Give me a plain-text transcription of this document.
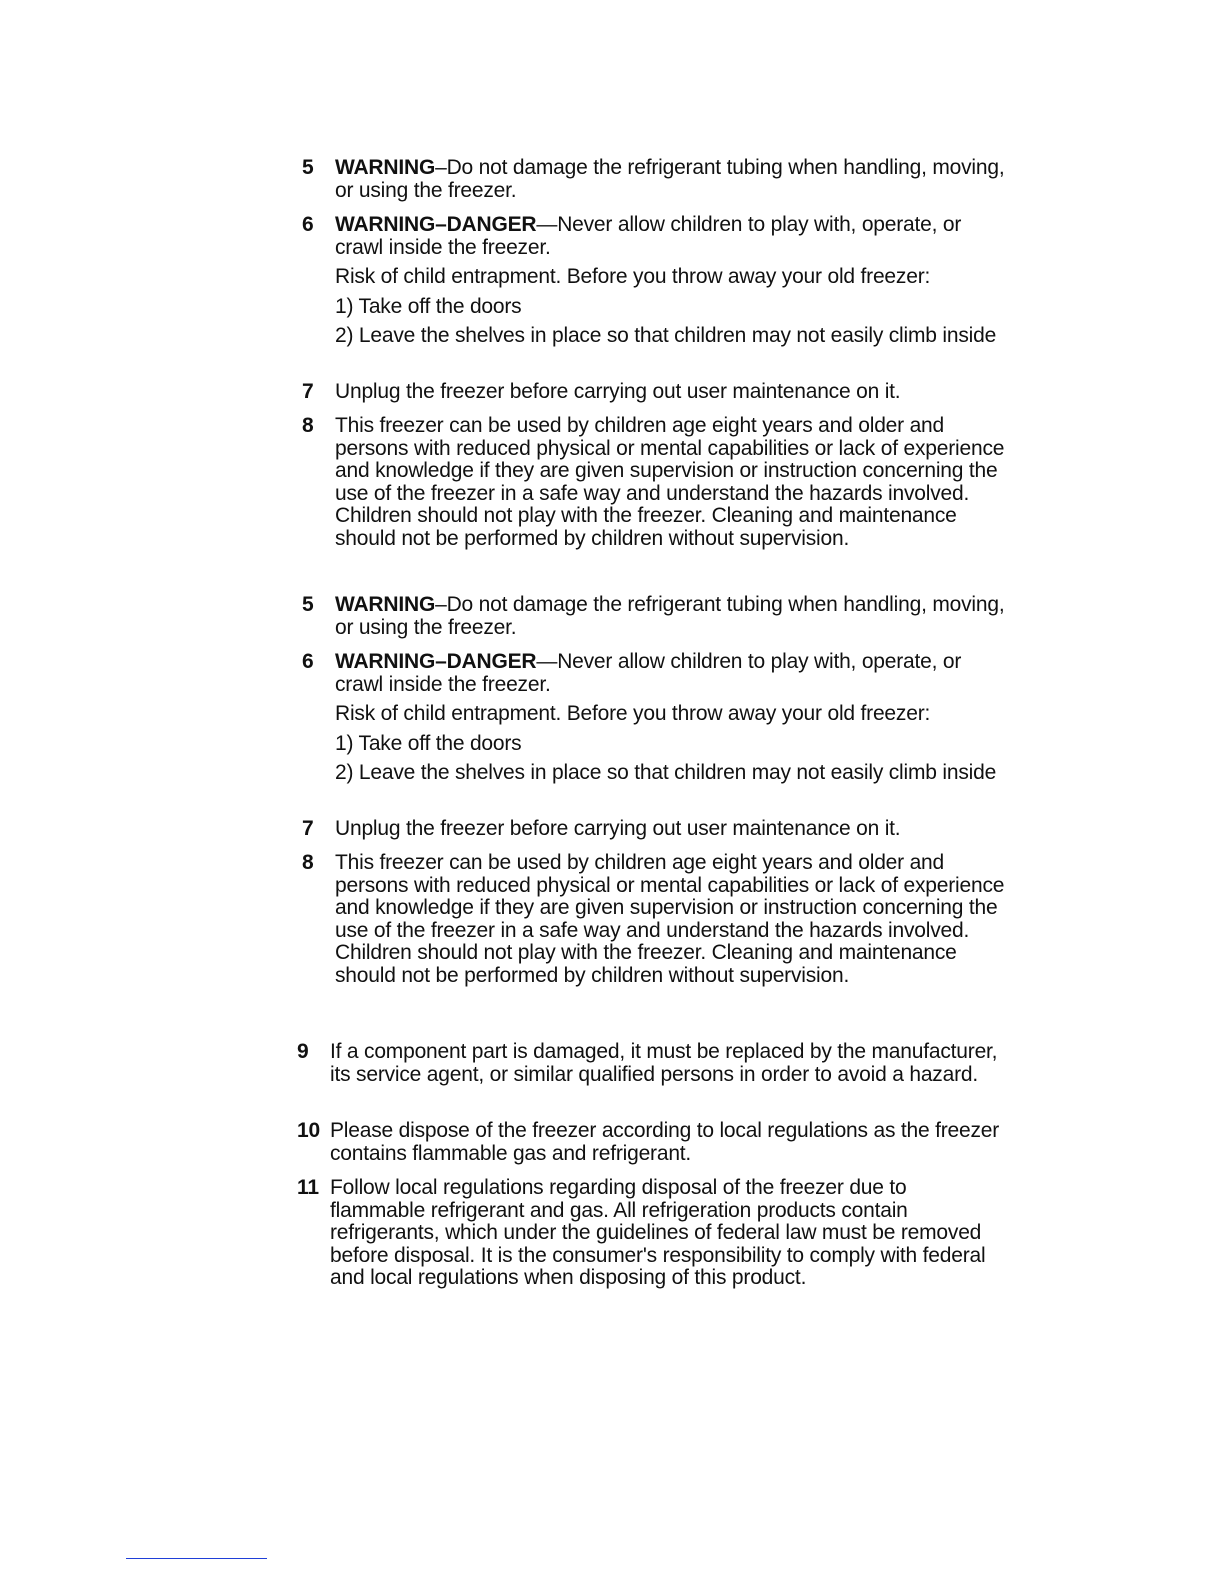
5 WARNING–Do not damage the refrigerant tubing when handling, moving, or using the freezer.

6 WARNING–DANGER—Never allow children to play with, operate, or crawl inside the freezer.

Risk of child entrapment. Before you throw away your old freezer:

1) Take off the doors

2) Leave the shelves in place so that children may not easily climb inside

7 Unplug the freezer before carrying out user maintenance on it.

8 This freezer can be used by children age eight years and older and persons with reduced physical or mental capabilities or lack of experience and knowledge if they are given supervision or instruction concerning the use of the freezer in a safe way and understand the hazards involved. Children should not play with the freezer. Cleaning and maintenance should not be performed by children without supervision.

5 WARNING–Do not damage the refrigerant tubing when handling, moving, or using the freezer.

6 WARNING–DANGER—Never allow children to play with, operate, or crawl inside the freezer.

Risk of child entrapment. Before you throw away your old freezer:

1) Take off the doors

2) Leave the shelves in place so that children may not easily climb inside

7 Unplug the freezer before carrying out user maintenance on it.

8 This freezer can be used by children age eight years and older and persons with reduced physical or mental capabilities or lack of experience and knowledge if they are given supervision or instruction concerning the use of the freezer in a safe way and understand the hazards involved. Children should not play with the freezer. Cleaning and maintenance should not be performed by children without supervision.

9 If a component part is damaged, it must be replaced by the manufacturer, its service agent, or similar qualified persons in order to avoid a hazard.

10 Please dispose of the freezer according to local regulations as the freezer contains flammable gas and refrigerant.

11 Follow local regulations regarding disposal of the freezer due to flammable refrigerant and gas. All refrigeration products contain refrigerants, which under the guidelines of federal law must be removed before disposal. It is the consumer's responsibility to comply with federal and local regulations when disposing of this product.
